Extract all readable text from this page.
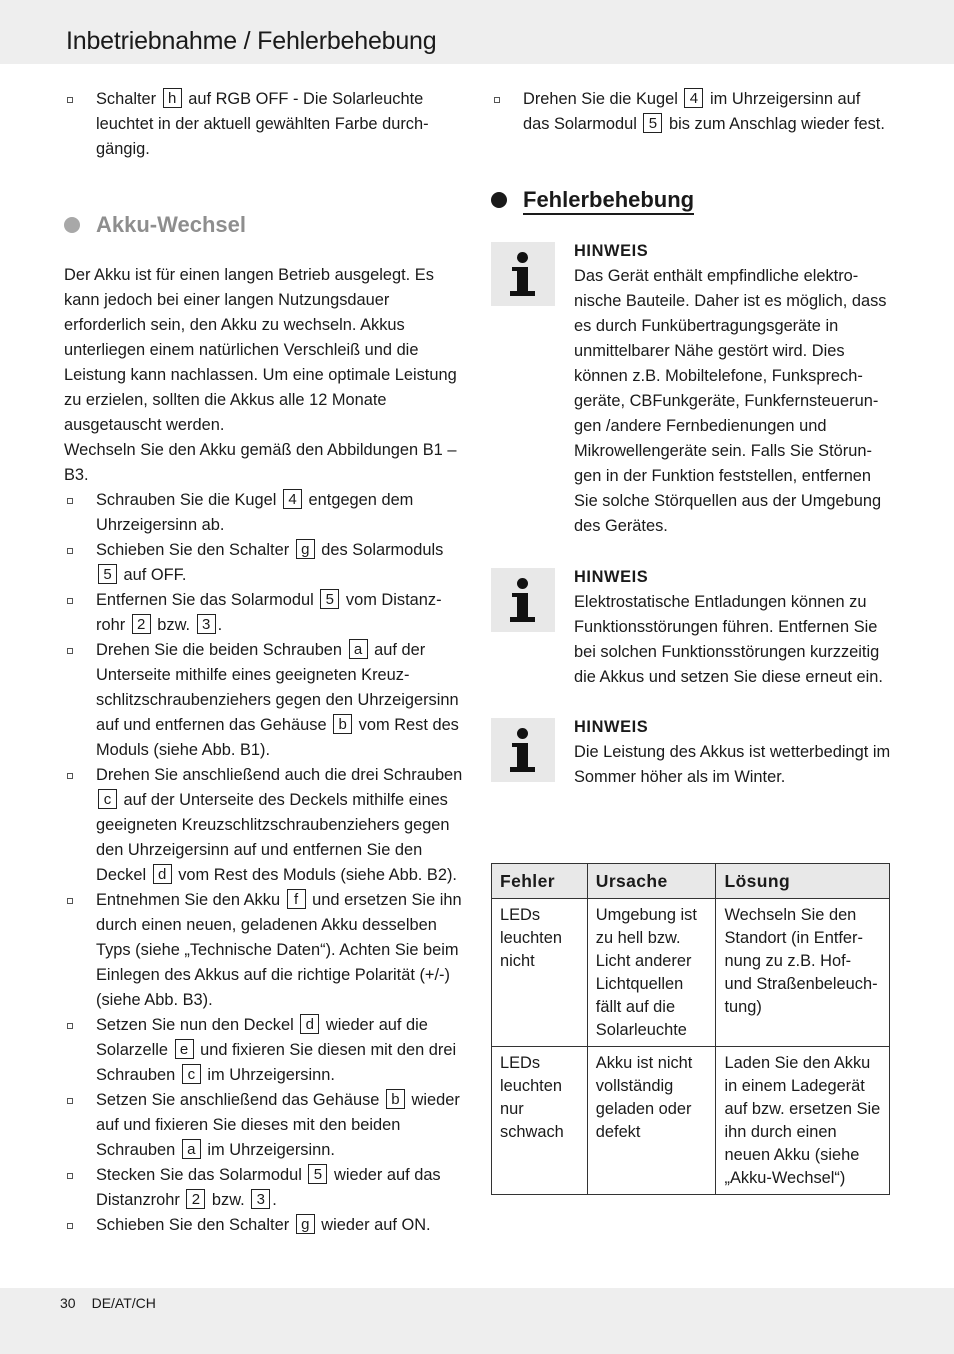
Inbetriebnahme / Fehlerbehebung
Schalter h auf RGB OFF - Die Solarleuchte leuchtet in der aktuell gewählten Farbe durchgängig.
Akku-Wechsel
Der Akku ist für einen langen Betrieb ausgelegt. Es kann jedoch bei einer langen Nutzungsdauer erforderlich sein, den Akku zu wechseln. Akkus unterliegen einem natürlichen Verschleiß und die Leistung kann nachlassen. Um eine optimale Leistung zu erzielen, sollten die Akkus alle 12 Monate ausgetauscht werden.
Wechseln Sie den Akku gemäß den Abbildungen B1 – B3.
Schrauben Sie die Kugel 4 entgegen dem Uhrzeigersinn ab.
Schieben Sie den Schalter g des Solarmoduls 5 auf OFF.
Entfernen Sie das Solarmodul 5 vom Distanzrohr 2 bzw. 3 .
Drehen Sie die beiden Schrauben a auf der Unterseite mithilfe eines geeigneten Kreuzschlitzschraubenziehers gegen den Uhrzeigersinn auf und entfernen das Gehäuse b vom Rest des Moduls (siehe Abb. B1).
Drehen Sie anschließend auch die drei Schrauben c auf der Unterseite des Deckels mithilfe eines geeigneten Kreuzschlitzschraubenziehers gegen den Uhrzeigersinn auf und entfernen Sie den Deckel d vom Rest des Moduls (siehe Abb. B2).
Entnehmen Sie den Akku f und ersetzen Sie ihn durch einen neuen, geladenen Akku desselben Typs (siehe „Technische Daten“). Achten Sie beim Einlegen des Akkus auf die richtige Polarität (+/-) (siehe Abb. B3).
Setzen Sie nun den Deckel d wieder auf die Solarzelle e und fixieren Sie diesen mit den drei Schrauben c im Uhrzeigersinn.
Setzen Sie anschließend das Gehäuse b wieder auf und fixieren Sie dieses mit den beiden Schrauben a im Uhrzeigersinn.
Stecken Sie das Solarmodul 5 wieder auf das Distanzrohr 2 bzw. 3 .
Schieben Sie den Schalter g wieder auf ON.
Drehen Sie die Kugel 4 im Uhrzeigersinn auf das Solarmodul 5 bis zum Anschlag wieder fest.
Fehlerbehebung
HINWEIS
Das Gerät enthält empfindliche elektronische Bauteile. Daher ist es möglich, dass es durch Funkübertragungsgeräte in unmittelbarer Nähe gestört wird. Dies können z.B. Mobiltelefone, Funksprechgeräte, CBFunkgeräte, Funkfernsteuerungen /andere Fernbedienungen und Mikrowellengeräte sein. Falls Sie Störungen in der Funktion feststellen, entfernen Sie solche Störquellen aus der Umgebung des Gerätes.
HINWEIS
Elektrostatische Entladungen können zu Funktionsstörungen führen. Entfernen Sie bei solchen Funktionsstörungen kurzzeitig die Akkus und setzen Sie diese erneut ein.
HINWEIS
Die Leistung des Akkus ist wetterbedingt im Sommer höher als im Winter.
Fehler	Ursache	Lösung
LEDs leuchten nicht	Umgebung ist zu hell bzw. Licht anderer Lichtquellen fällt auf die Solarleuchte	Wechseln Sie den Standort (in Entfernung zu z.B. Hof- und Straßenbeleuchtung)
LEDs leuchten nur schwach	Akku ist nicht vollständig geladen oder defekt	Laden Sie den Akku in einem Ladegerät auf bzw. ersetzen Sie ihn durch einen neuen Akku (siehe „Akku-Wechsel“)
30 DE/AT/CH
